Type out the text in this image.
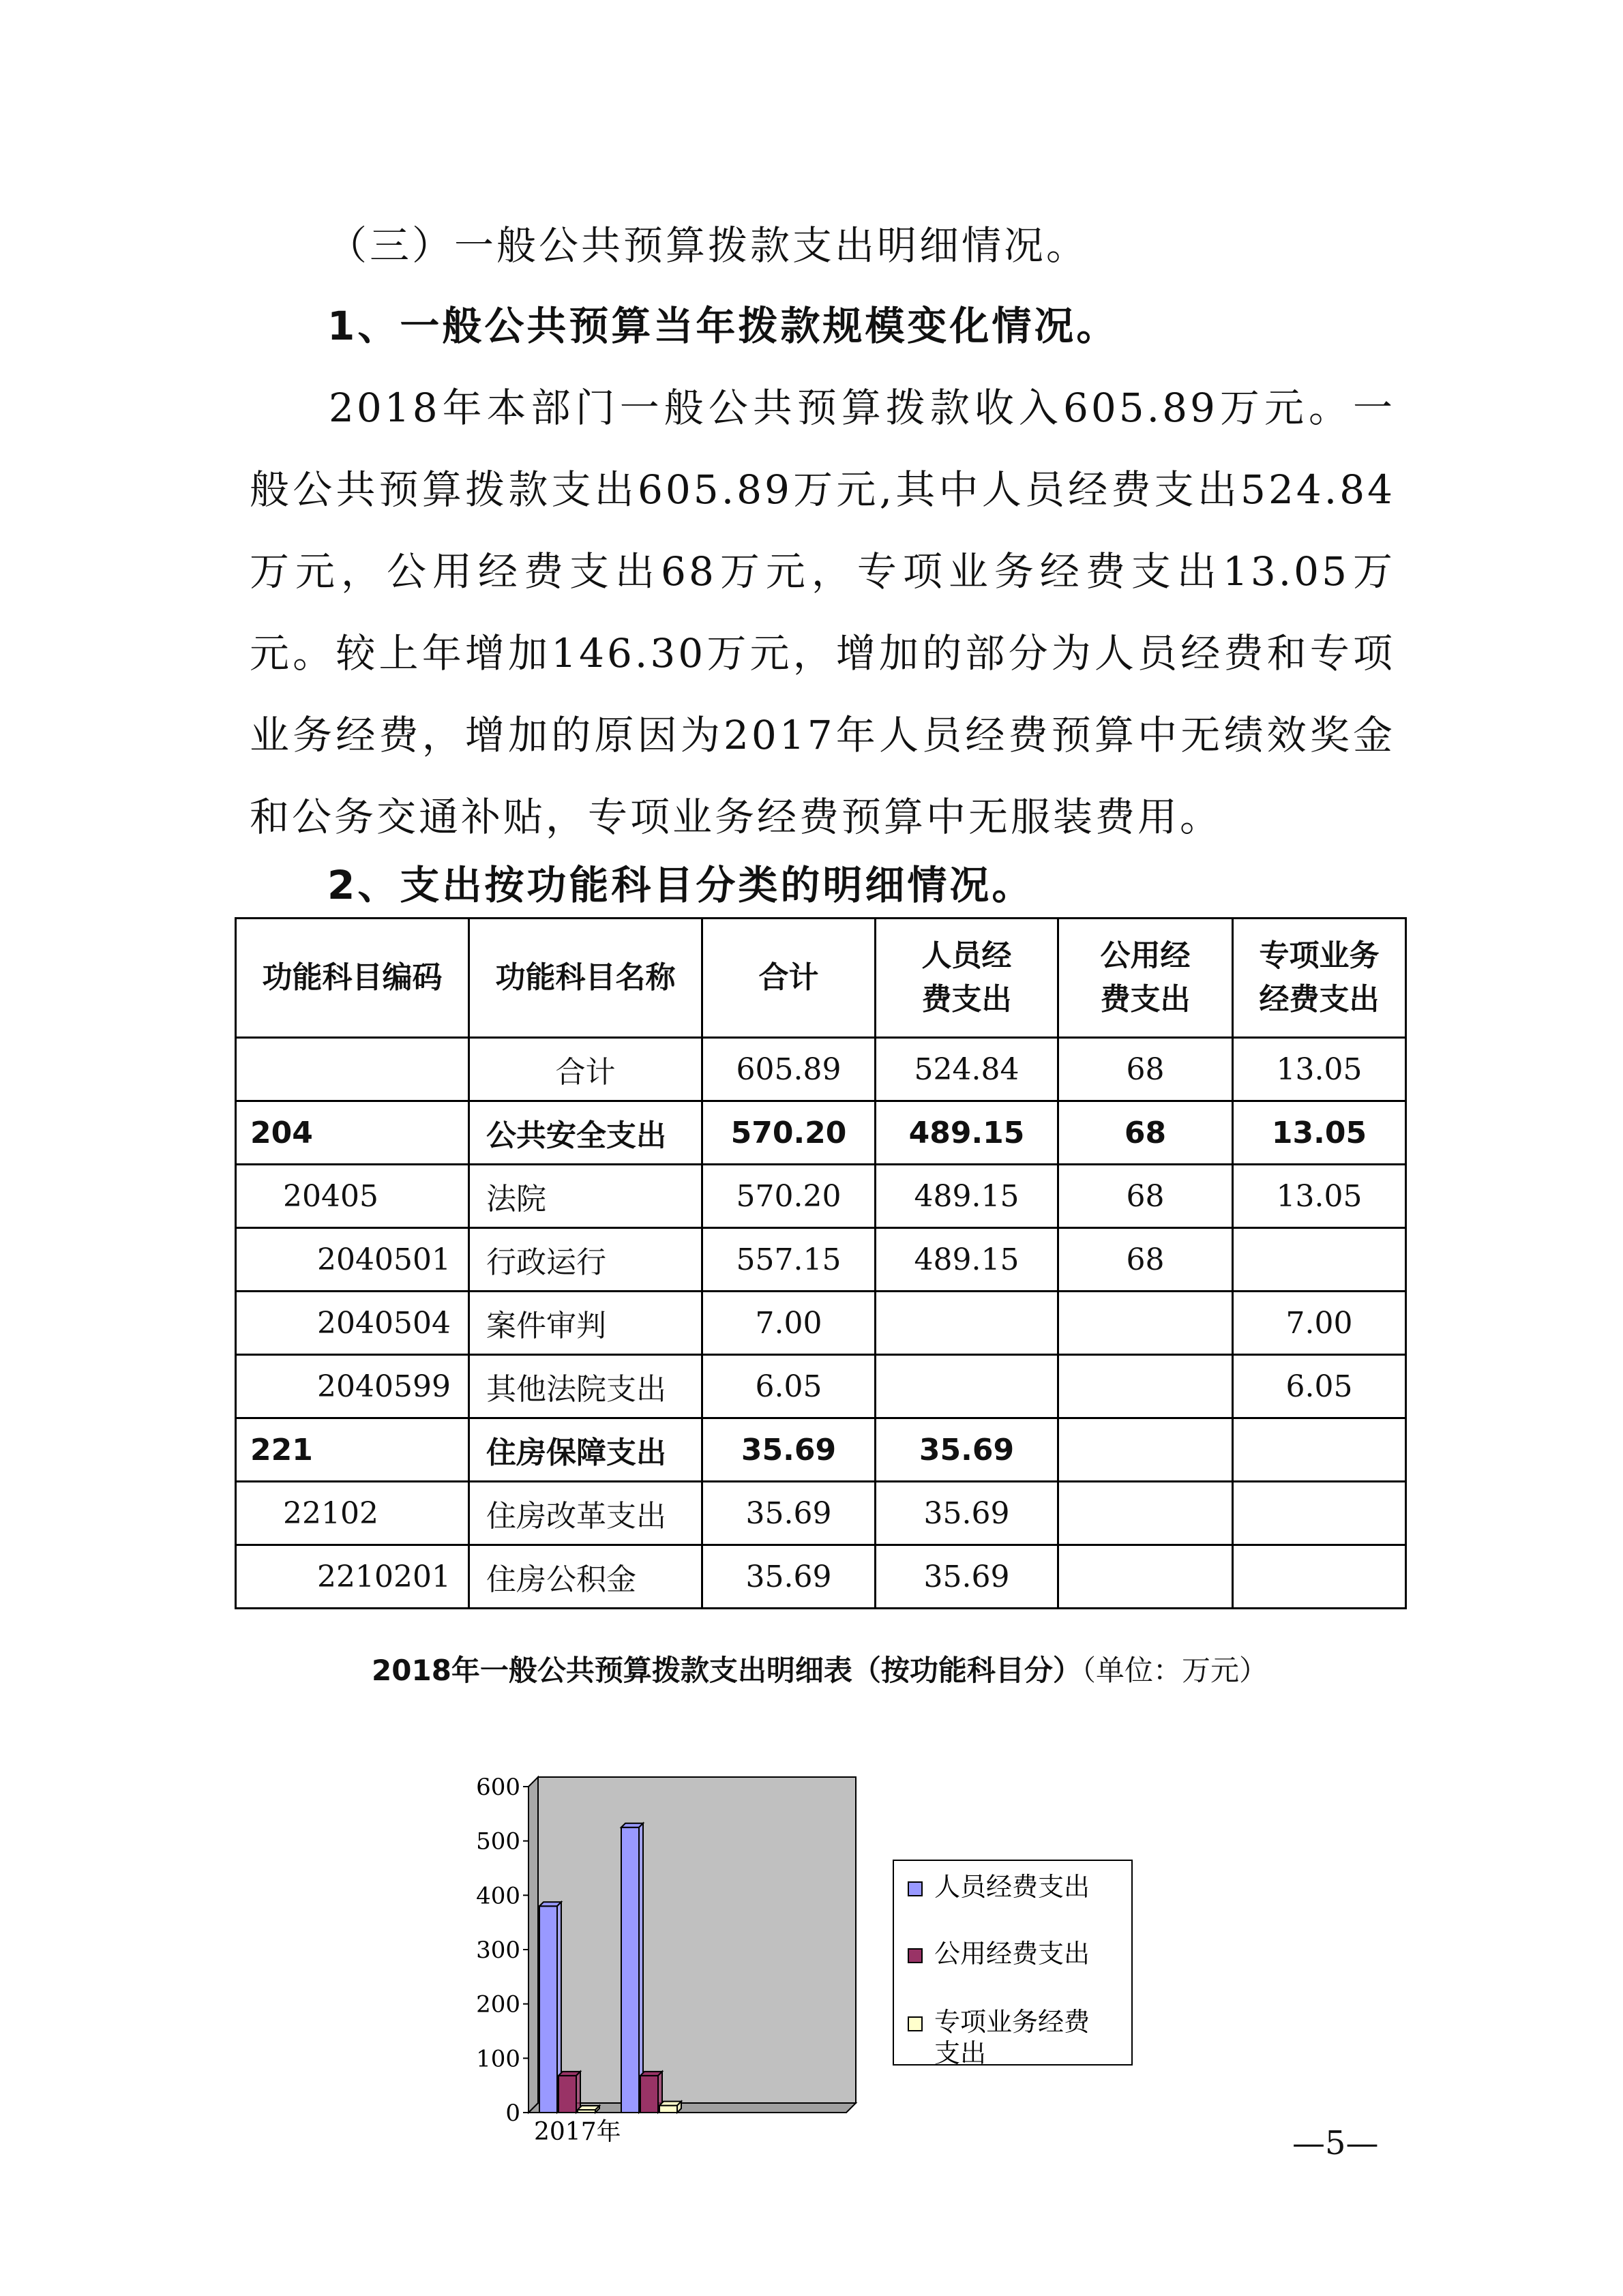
（三）一般公共预算拨款支出明细情况。

1、一般公共预算当年拨款规模变化情况。

2018年本部门一般公共预算拨款收入605.89万元。一般公共预算拨款支出605.89万元,其中人员经费支出524.84万元，公用经费支出68万元，专项业务经费支出13.05万元。较上年增加146.30万元，增加的部分为人员经费和专项业务经费，增加的原因为2017年人员经费预算中无绩效奖金和公务交通补贴，专项业务经费预算中无服装费用。

2、支出按功能科目分类的明细情况。

功能科目编码	功能科目名称	合计	人员经费支出	公用经费支出	专项业务经费支出
	合计	605.89	524.84	68	13.05
204	公共安全支出	570.20	489.15	68	13.05
20405	法院	570.20	489.15	68	13.05
2040501	行政运行	557.15	489.15	68	
2040504	案件审判	7.00			7.00
2040599	其他法院支出	6.05			6.05
221	住房保障支出	35.69	35.69		
22102	住房改革支出	35.69	35.69		
2210201	住房公积金	35.69	35.69		
2018年一般公共预算拨款支出明细表（按功能科目分）（单位：万元）
0
100
200
300
400
500
600
2017年
人员经费支出
公用经费支出
专项业务经费
支出
—5—
